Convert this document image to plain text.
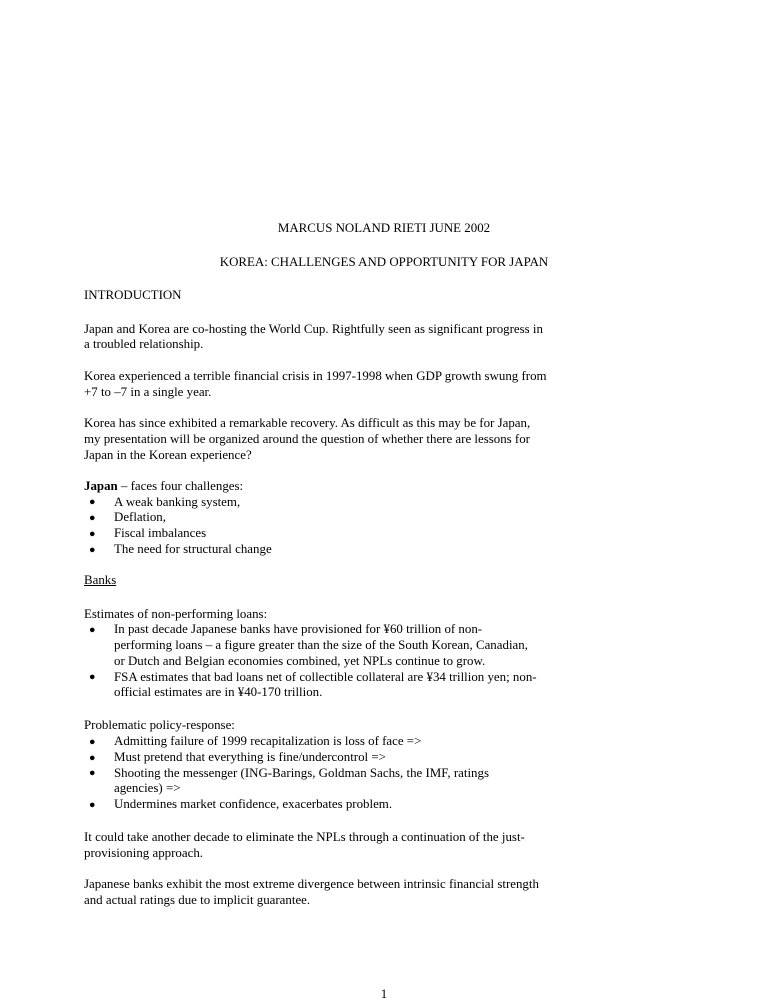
MARCUS NOLAND RIETI JUNE 2002
KOREA: CHALLENGES AND OPPORTUNITY FOR JAPAN
INTRODUCTION
Japan and Korea are co-hosting the World Cup. Rightfully seen as significant progress in
a troubled relationship.
Korea experienced a terrible financial crisis in 1997-1998 when GDP growth swung from
+7 to –7 in a single year.
Korea has since exhibited a remarkable recovery. As difficult as this may be for Japan,
my presentation will be organized around the question of whether there are lessons for
Japan in the Korean experience?
Japan – faces four challenges:
● A weak banking system,
● Deflation,
● Fiscal imbalances
● The need for structural change
Banks
Estimates of non-performing loans:
● In past decade Japanese banks have provisioned for ¥60 trillion of non-
performing loans – a figure greater than the size of the South Korean, Canadian,
or Dutch and Belgian economies combined, yet NPLs continue to grow.
● FSA estimates that bad loans net of collectible collateral are ¥34 trillion yen; non-
official estimates are in ¥40-170 trillion.
Problematic policy-response:
● Admitting failure of 1999 recapitalization is loss of face =>
● Must pretend that everything is fine/undercontrol =>
● Shooting the messenger (ING-Barings, Goldman Sachs, the IMF, ratings
agencies) =>
● Undermines market confidence, exacerbates problem.
It could take another decade to eliminate the NPLs through a continuation of the just-
provisioning approach.
Japanese banks exhibit the most extreme divergence between intrinsic financial strength
and actual ratings due to implicit guarantee.
1
